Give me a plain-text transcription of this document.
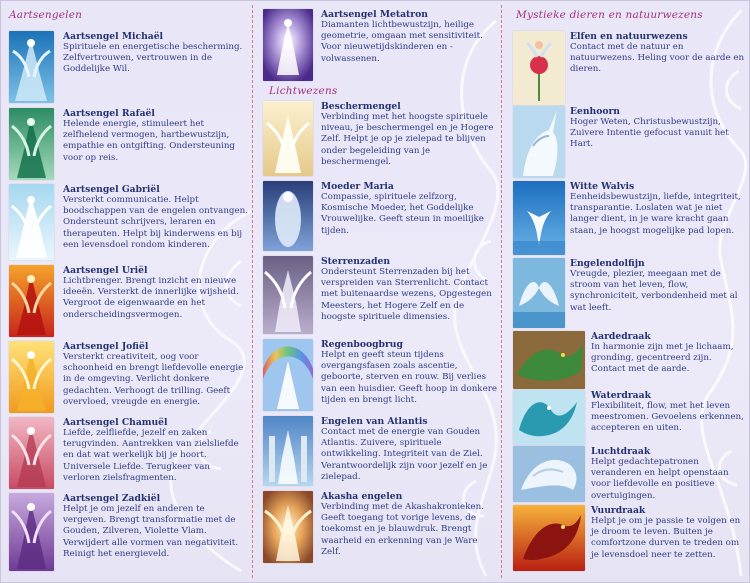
Aartsengelen

Aartsengel Michaël

Spirituele en energetische bescherming. Zelfvertrouwen, vertrouwen in de Goddelijke Wil.

Aartsengel Rafaël

Helende energie, stimuleert het zelfhelend vermogen, hartbewustzijn, empathie en ontgifting. Ondersteuning voor op reis.

Aartsengel Gabriël

Versterkt communicatie. Helpt boodschappen van de engelen ontvangen. Ondersteunt schrijvers, leraren en therapeuten. Helpt bij kinderwens en bij een levensdoel rondom kinderen.

Aartsengel Uriël

Lichtbrenger. Brengt inzicht en nieuwe ideeën. Versterkt de innerlijke wijsheid. Vergroot de eigenwaarde en het onderscheidingsvermogen.

Aartsengel Jofiël

Versterkt creativiteit, oog voor schoonheid en brengt liefdevolle energie in de omgeving. Verlicht donkere gedachten. Verhoogt de trilling. Geeft overvloed, vreugde en energie.

Aartsengel Chamuël

Liefde, zelfliefde, jezelf en zaken terugvinden. Aantrekken van zielsliefde en dat wat werkelijk bij je hoort. Universele Liefde. Terugkeer van verloren zielsfragmenten.

Aartsengel Zadkiël

Helpt je om jezelf en anderen te vergeven. Brengt transformatie met de Gouden, Zilveren, Violette Vlam. Verwijdert alle vormen van negativiteit. Reinigt het energieveld.

Aartsengel Metatron

Diamanten lichtbewustzijn, heilige geometrie, omgaan met sensitiviteit. Voor nieuwetijdskinderen en -volwassenen.

Lichtwezens

Beschermengel

Verbinding met het hoogste spirituele niveau, je beschermengel en je Hogere Zelf. Helpt je op je zielepad te blijven onder begeleiding van je beschermengel.

Moeder Maria

Compassie, spirituele zelfzorg, Kosmische Moeder, het Goddelijke Vrouwelijke. Geeft steun in moeilijke tijden.

Sterrenzaden

Ondersteunt Sterrenzaden bij het verspreiden van Sterrenlicht. Contact met buitenaardse wezens, Opgestegen Meesters, het Hogere Zelf en de hoogste spirituele dimensies.

Regenboogbrug

Helpt en geeft steun tijdens overgangsfasen zoals ascentie, geboorte, sterven en rouw. Bij verlies van een huisdier. Geeft hoop in donkere tijden en brengt licht.

Engelen van Atlantis

Contact met de energie van Gouden Atlantis. Zuivere, spirituele ontwikkeling. Integriteit van de Ziel. Verantwoordelijk zijn voor jezelf en je zielepad.

Akasha engelen

Verbinding met de Akashakronieken. Geeft toegang tot vorige levens, de toekomst en je blauwdruk. Brengt waarheid en erkenning van je Ware Zelf.

Mystieke dieren en natuurwezens

Elfen en natuurwezens

Contact met de natuur en natuurwezens. Heling voor de aarde en dieren.

Eenhoorn

Hoger Weten, Christusbewustzijn, Zuivere Intentie gefocust vanuit het Hart.

Witte Walvis

Eenheidsbewustzijn, liefde, integriteit, transparantie. Loslaten wat je niet langer dient, in je ware kracht gaan staan, je hoogst mogelijke pad lopen.

Engelendolfijn

Vreugde, plezier, meegaan met de stroom van het leven, flow, synchroniciteit, verbondenheid met al wat leeft.

Aardedraak

In harmonie zijn met je lichaam, gronding, gecentreerd zijn. Contact met de aarde.

Waterdraak

Flexibiliteit, flow, met het leven meestromen. Gevoelens erkennen, accepteren en uiten.

Luchtdraak

Helpt gedachtepatronen veranderen en helpt openstaan voor liefdevolle en positieve overtuigingen.

Vuurdraak

Helpt je om je passie te volgen en je droom te leven. Buiten je comfortzone durven te treden om je levensdoel neer te zetten.
